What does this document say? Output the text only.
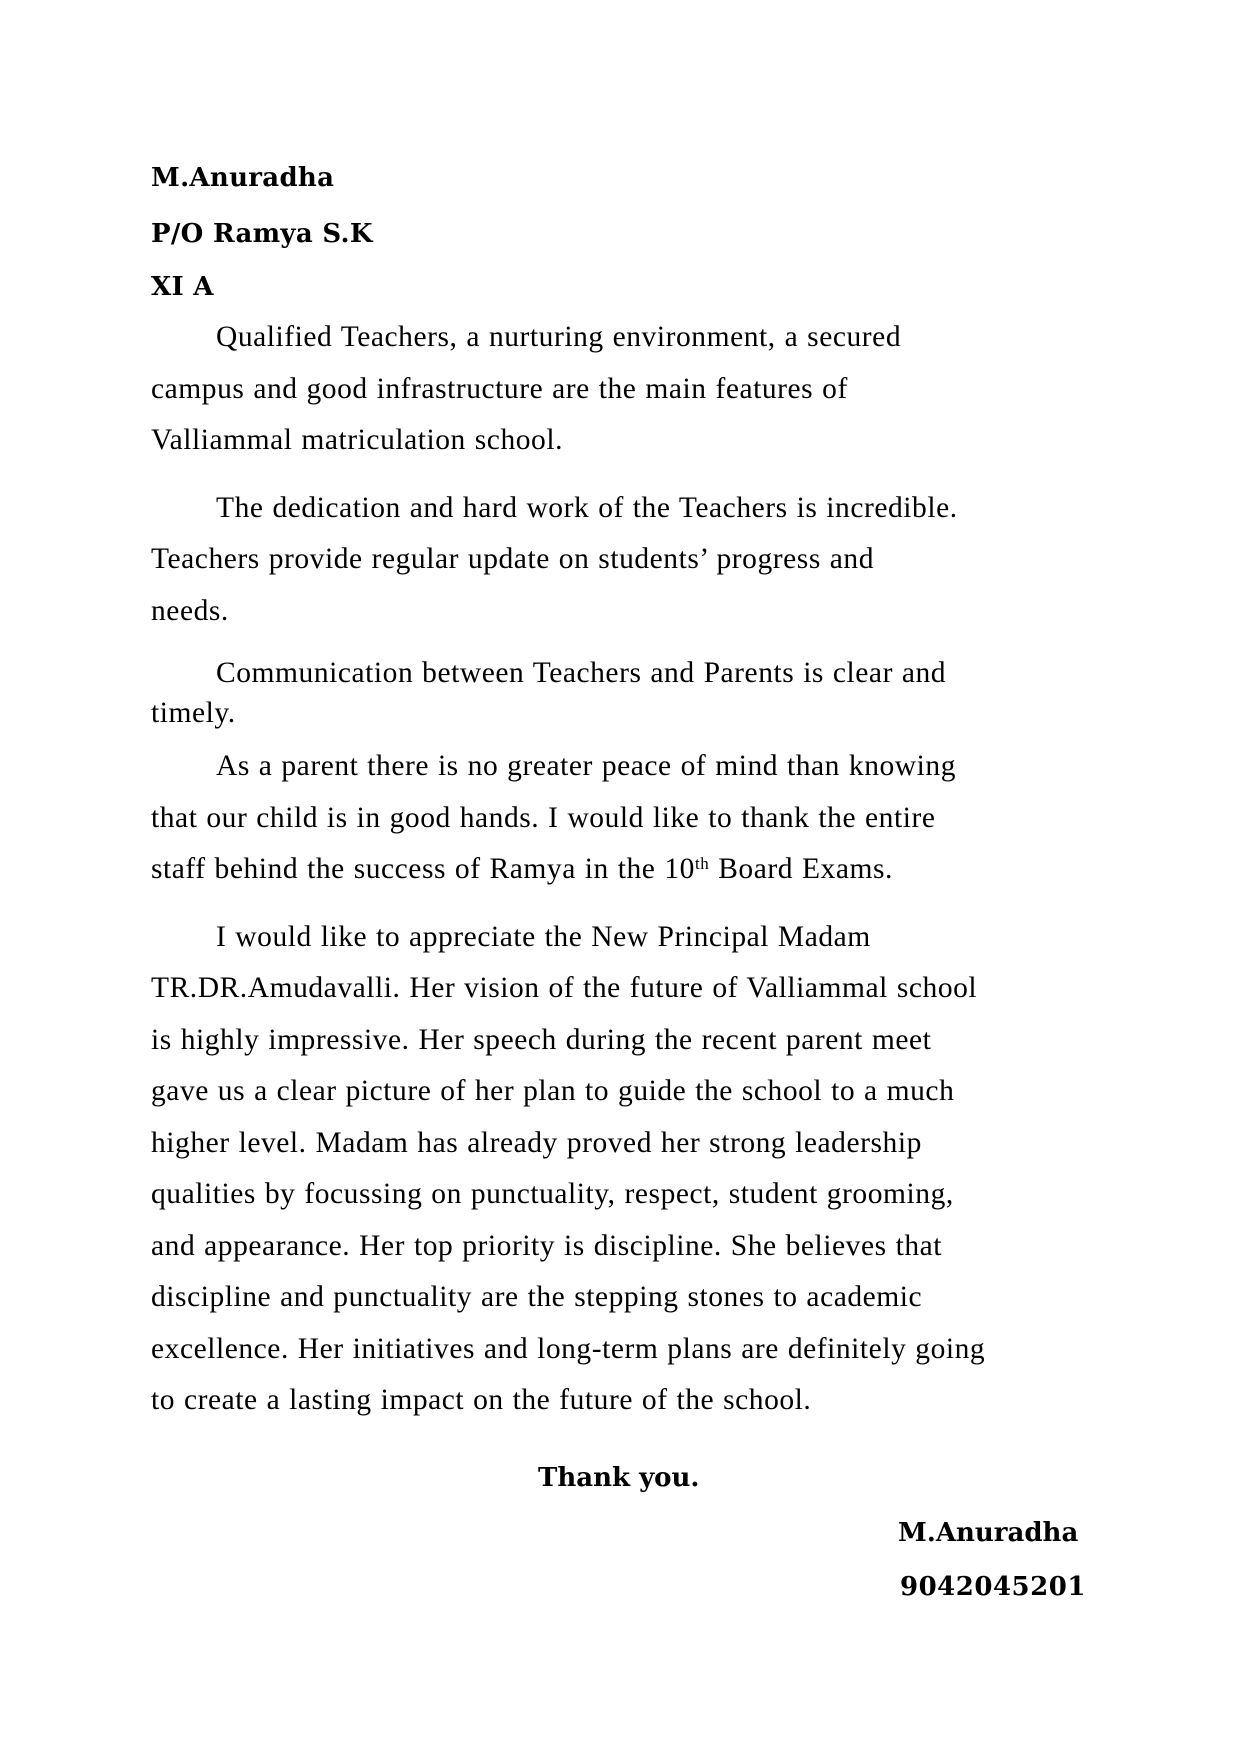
M.Anuradha

P/O Ramya S.K

XI A

Qualified Teachers, a nurturing environment, a secured
campus and good infrastructure are the main features of
Valliammal matriculation school.

The dedication and hard work of the Teachers is incredible.
Teachers provide regular update on students’ progress and
needs.

Communication between Teachers and Parents is clear and
timely.

As a parent there is no greater peace of mind than knowing
that our child is in good hands. I would like to thank the entire
staff behind the success of Ramya in the 10th Board Exams.

I would like to appreciate the New Principal Madam
TR.DR.Amudavalli. Her vision of the future of Valliammal school
is highly impressive. Her speech during the recent parent meet
gave us a clear picture of her plan to guide the school to a much
higher level. Madam has already proved her strong leadership
qualities by focussing on punctuality, respect, student grooming,
and appearance. Her top priority is discipline. She believes that
discipline and punctuality are the stepping stones to academic
excellence. Her initiatives and long-term plans are definitely going
to create a lasting impact on the future of the school.

Thank you.

M.Anuradha

9042045201
